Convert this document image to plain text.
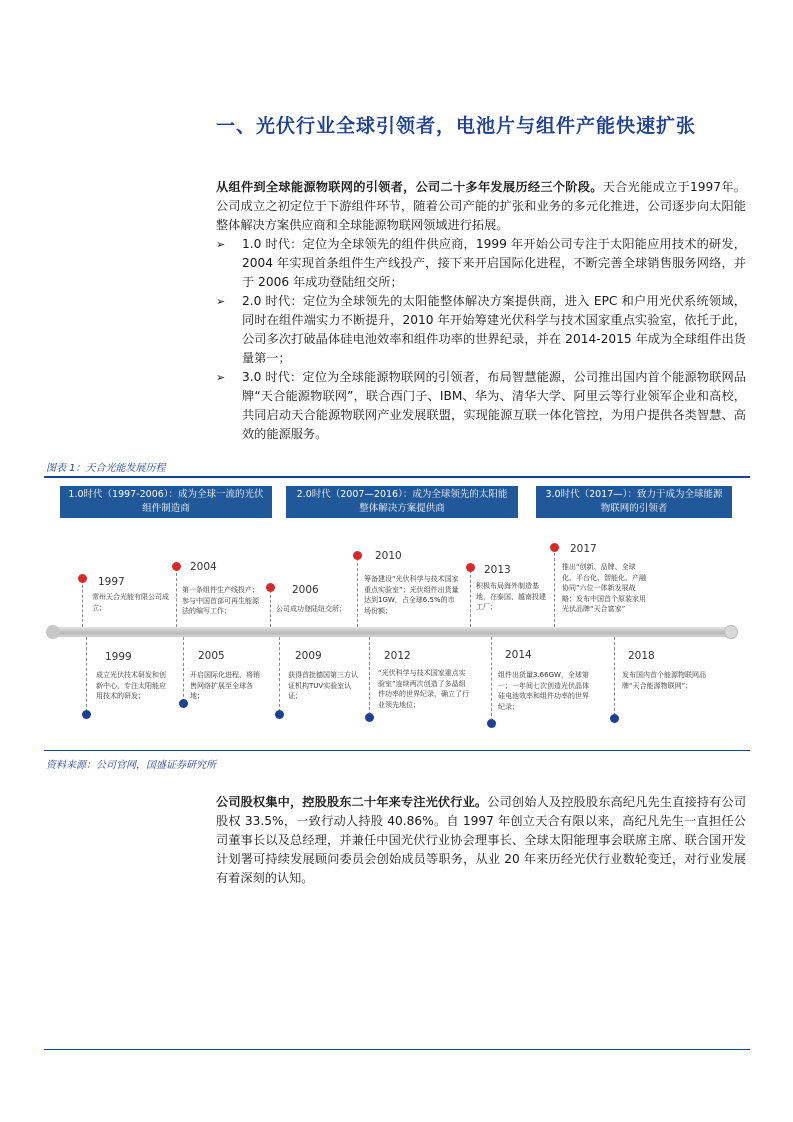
一、光伏行业全球引领者，电池片与组件产能快速扩张
从组件到全球能源物联网的引领者，公司二十多年发展历经三个阶段。天合光能成立于1997年。公司成立之初定位于下游组件环节，随着公司产能的扩张和业务的多元化推进，公司逐步向太阳能整体解决方案供应商和全球能源物联网领域进行拓展。
➢ 1.0 时代：定位为全球领先的组件供应商，1999 年开始公司专注于太阳能应用技术的研发，2004 年实现首条组件生产线投产，接下来开启国际化进程，不断完善全球销售服务网络，并于 2006 年成功登陆纽交所；
➢ 2.0 时代：定位为全球领先的太阳能整体解决方案提供商，进入 EPC 和户用光伏系统领域，同时在组件端实力不断提升，2010 年开始筹建光伏科学与技术国家重点实验室，依托于此，公司多次打破晶体硅电池效率和组件功率的世界纪录，并在 2014-2015 年成为全球组件出货量第一；
➢ 3.0 时代：定位为全球能源物联网的引领者，布局智慧能源，公司推出国内首个能源物联网品牌“天合能源物联网”，联合西门子、IBM、华为、清华大学、阿里云等行业领军企业和高校，共同启动天合能源物联网产业发展联盟，实现能源互联一体化管控，为用户提供各类智慧、高效的能源服务。
图表 1：天合光能发展历程
1.0时代（1997-2006）：成为全球一流的光伏组件制造商
2.0时代（2007—2016）：成为全球领先的太阳能整体解决方案提供商
3.0时代（2017—）：致力于成为全球能源物联网的引领者
1997
常州天合光能有限公司成立；
2004
第一条组件生产线投产；参与中国首部可再生能源法的编写工作；
2006
公司成功登陆纽交所；
2010
筹备建设“光伏科学与技术国家重点实验室”；光伏组件出货量达到1GW，占全球6.5%的市场份额；
2013
积极布局海外制造基地，在泰国、越南投建工厂；
2017
推出“创新、品牌、全球化、平台化、智能化、产融协同”六位一体新发展战略；发布中国首个原装家用光伏品牌“天合富家”
1999
成立光伏技术研发和创新中心，专注太阳能应用技术的研发；
2005
开启国际化进程，将销售网络扩展至全球各地；
2009
获得首批德国第三方认证机构TUV实验室认证；
2012
“光伏科学与技术国家重点实验室”连续两次创造了多晶组件功率的世界纪录，确立了行业领先地位；
2014
组件出货量3.66GW，全球第一；一年间七次创造光伏晶体硅电池效率和组件功率的世界纪录；
2018
发布国内首个能源物联网品牌“天合能源物联网”；
资料来源：公司官网，国盛证券研究所
公司股权集中，控股股东二十年来专注光伏行业。公司创始人及控股股东高纪凡先生直接持有公司股权 33.5%，一致行动人持股 40.86%。自 1997 年创立天合有限以来，高纪凡先生一直担任公司董事长以及总经理，并兼任中国光伏行业协会理事长、全球太阳能理事会联席主席、联合国开发计划署可持续发展顾问委员会创始成员等职务，从业 20 年来历经光伏行业数轮变迁，对行业发展有着深刻的认知。
